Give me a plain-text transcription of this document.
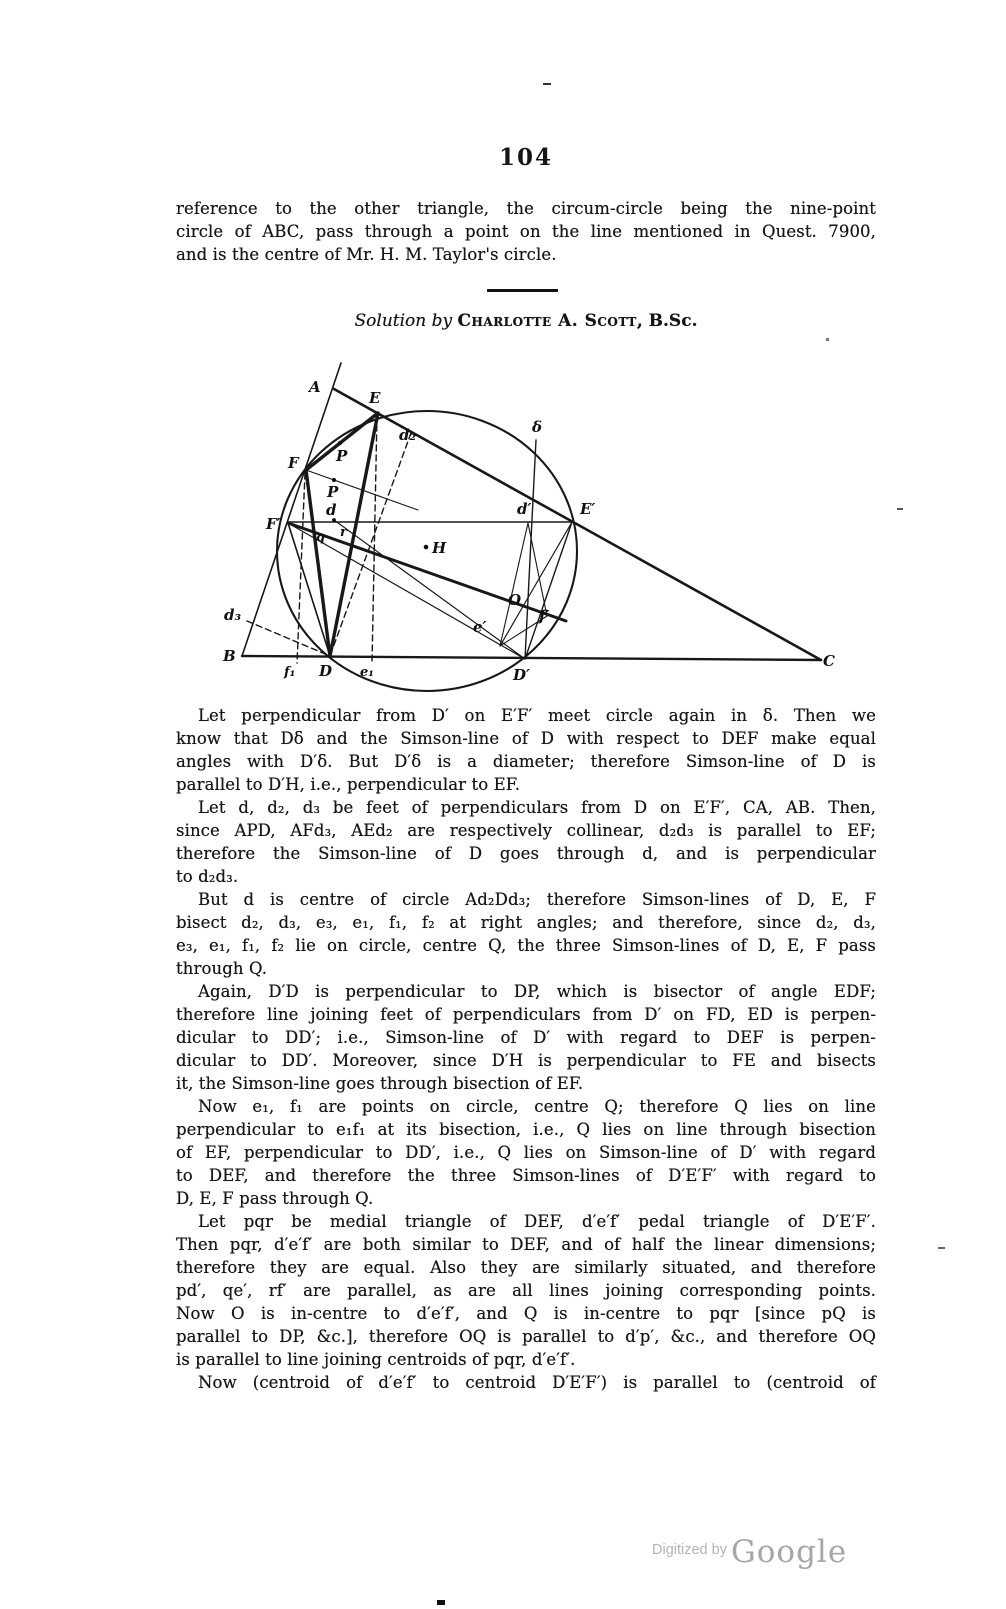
104
reference to the other triangle, the circum-circle being the nine-point
circle of ABC, pass through a point on the line mentioned in Quest. 7900,
and is the centre of Mr. H. M. Taylor's circle.
Solution by Charlotte A. Scott, B.Sc.
A
E
δ
F P
P
d
F′
q r
d₂
H
d′	E′
O
e′
f′
d₃
B
f₁ D e₁	D′
C
Let perpendicular from D′ on E′F′ meet circle again in δ. Then we
know that Dδ and the Simson-line of D with respect to DEF make equal
angles with D′δ. But D′δ is a diameter; therefore Simson-line of D is
parallel to D′H, i.e., perpendicular to EF.
Let d, d₂, d₃ be feet of perpendiculars from D on E′F′, CA, AB. Then,
since APD, AFd₃, AEd₂ are respectively collinear, d₂d₃ is parallel to EF;
therefore the Simson-line of D goes through d, and is perpendicular
to d₂d₃.
But d is centre of circle Ad₂Dd₃; therefore Simson-lines of D, E, F
bisect d₂, d₃, e₃, e₁, f₁, f₂ at right angles; and therefore, since d₂, d₃,
e₃, e₁, f₁, f₂ lie on circle, centre Q, the three Simson-lines of D, E, F pass
through Q.
Again, D′D is perpendicular to DP, which is bisector of angle EDF;
therefore line joining feet of perpendiculars from D′ on FD, ED is perpen-
dicular to DD′; i.e., Simson-line of D′ with regard to DEF is perpen-
dicular to DD′. Moreover, since D′H is perpendicular to FE and bisects
it, the Simson-line goes through bisection of EF.
Now e₁, f₁ are points on circle, centre Q; therefore Q lies on line
perpendicular to e₁f₁ at its bisection, i.e., Q lies on line through bisection
of EF, perpendicular to DD′, i.e., Q lies on Simson-line of D′ with regard
to DEF, and therefore the three Simson-lines of D′E′F′ with regard to
D, E, F pass through Q.
Let pqr be medial triangle of DEF, d′e′f′ pedal triangle of D′E′F′.
Then pqr, d′e′f′ are both similar to DEF, and of half the linear dimensions;
therefore they are equal. Also they are similarly situated, and therefore
pd′, qe′, rf′ are parallel, as are all lines joining corresponding points.
Now O is in-centre to d′e′f′, and Q is in-centre to pqr [since pQ is
parallel to DP, &c.], therefore OQ is parallel to d′p′, &c., and therefore OQ
is parallel to line joining centroids of pqr, d′e′f′.
Now (centroid of d′e′f′ to centroid D′E′F′) is parallel to (centroid of
Digitized by Google
